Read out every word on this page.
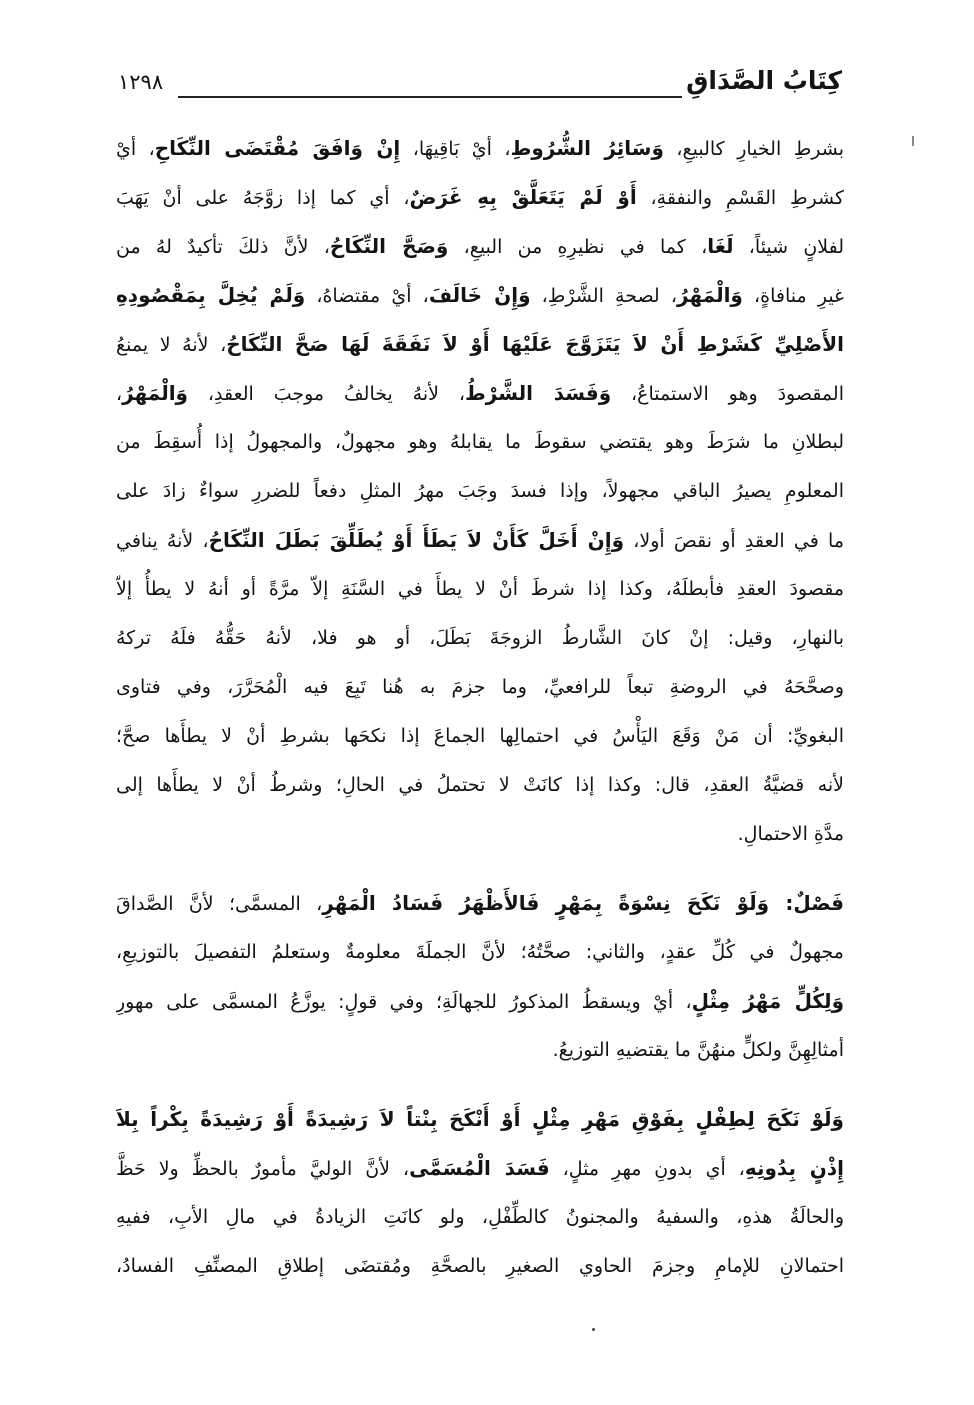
كِتَابُ الصَّدَاقِ
١٢٩٨
بشرطِ الخيارِ كالبيعِ، وَسَائِرُ الشُّرُوطِ، أيْ بَاقِيهَا، إِنْ وَافَقَ مُقْتَضَى النِّكَاحِ، أيْ
كشرطِ القَسْمِ والنفقةِ، أَوْ لَمْ يَتَعَلَّقْ بِهِ غَرَضٌ، أي كما إذا زوَّجَهُ على أنْ يَهَبَ
لفلانٍ شيئاً، لَغَا، كما في نظيرِهِ من البيعِ، وَصَحَّ النِّكَاحُ، لأنَّ ذلكَ تأكيدٌ لهُ من
غيرِ منافاةٍ، وَالْمَهْرُ، لصحةِ الشَّرْطِ، وَإِنْ خَالَفَ، أيْ مقتضاهُ، وَلَمْ يُخِلَّ بِمَقْصُودِهِ
الأَصْلِيِّ كَشَرْطِ أَنْ لاَ يَتَزَوَّجَ عَلَيْهَا أَوْ لاَ نَفَقَةَ لَهَا صَحَّ النِّكَاحُ، لأنهُ لا يمنعُ
المقصودَ وهو الاستمتاعُ، وَفَسَدَ الشَّرْطُ، لأنهُ يخالفُ موجبَ العقدِ، وَالْمَهْرُ،
لبطلانِ ما شرَطَ وهو يقتضي سقوطَ ما يقابلهُ وهو مجهولٌ، والمجهولُ إذا أُسقِطَ من
المعلومِ يصيرُ الباقي مجهولاً، وإذا فسدَ وجَبَ مهرُ المثلِ دفعاً للضررِ سواءٌ زادَ على
ما في العقدِ أو نقصَ أولا، وَإِنْ أَخَلَّ كَأَنْ لاَ يَطَأَ أَوْ يُطَلِّقَ بَطَلَ النِّكَاحُ، لأنهُ ينافي
مقصودَ العقدِ فأبطلَهُ، وكذا إذا شرطَ أنْ لا يطأَ في السَّنَةِ إلاّ مرَّةً أو أنهُ لا يطأُ إلاّ
بالنهارِ، وقيل: إنْ كانَ الشَّارطُ الزوجَةَ بَطَلَ، أو هو فلا، لأنهُ حَقُّهُ فلَهُ تركهُ
وصحَّحَهُ في الروضةِ تبعاً للرافعيِّ، وما جزمَ به هُنا تَبِعَ فيه الْمُحَرَّرَ، وفي فتاوى
البغويِّ: أن مَنْ وَقَعَ اليَأْسُ في احتمالِها الجماعَ إذا نكحَها بشرطِ أنْ لا يطأَها صحَّ؛
لأنه قضيَّةُ العقدِ، قال: وكذا إذا كانَتْ لا تحتملُ في الحالِ؛ وشرطُ أنْ لا يطأَها إلى
مدَّةِ الاحتمالِ.
فَصْلٌ: وَلَوْ نَكَحَ نِسْوَةً بِمَهْرٍ فَالأَظْهَرُ فَسَادُ الْمَهْرِ، المسمَّى؛ لأنَّ الصَّداقَ
مجهولٌ في كُلِّ عقدٍ، والثاني: صحَّتُهُ؛ لأنَّ الجملَةَ معلومةٌ وستعلمُ التفصيلَ بالتوزيعِ،
وَلِكُلٍّ مَهْرُ مِثْلٍ، أيْ ويسقطُ المذكورُ للجهالَةِ؛ وفي قولٍ: يوزَّعُ المسمَّى على مهورِ
أمثالِهِنَّ ولكلٍّ منهُنَّ ما يقتضيهِ التوزيعُ.
وَلَوْ نَكَحَ لِطِفْلٍ بِفَوْقِ مَهْرِ مِثْلٍ أَوْ أَنْكَحَ بِنْتاً لاَ رَشِيدَةً أَوْ رَشِيدَةً بِكْراً بِلاَ
إِذْنٍ بِدُونِهِ، أي بدونِ مهرِ مثلٍ، فَسَدَ الْمُسَمَّى، لأنَّ الوليَّ مأمورٌ بالحظِّ ولا حَظَّ
والحالَةُ هذهِ، والسفيهُ والمجنونُ كالطِّفْلِ، ولو كانَتِ الزيادةُ في مالِ الأبِ، ففيهِ
احتمالانِ للإمامِ وجزمَ الحاوي الصغيرِ بالصحَّةِ ومُقتضَى إطلاقِ المصنِّفِ الفسادُ،
